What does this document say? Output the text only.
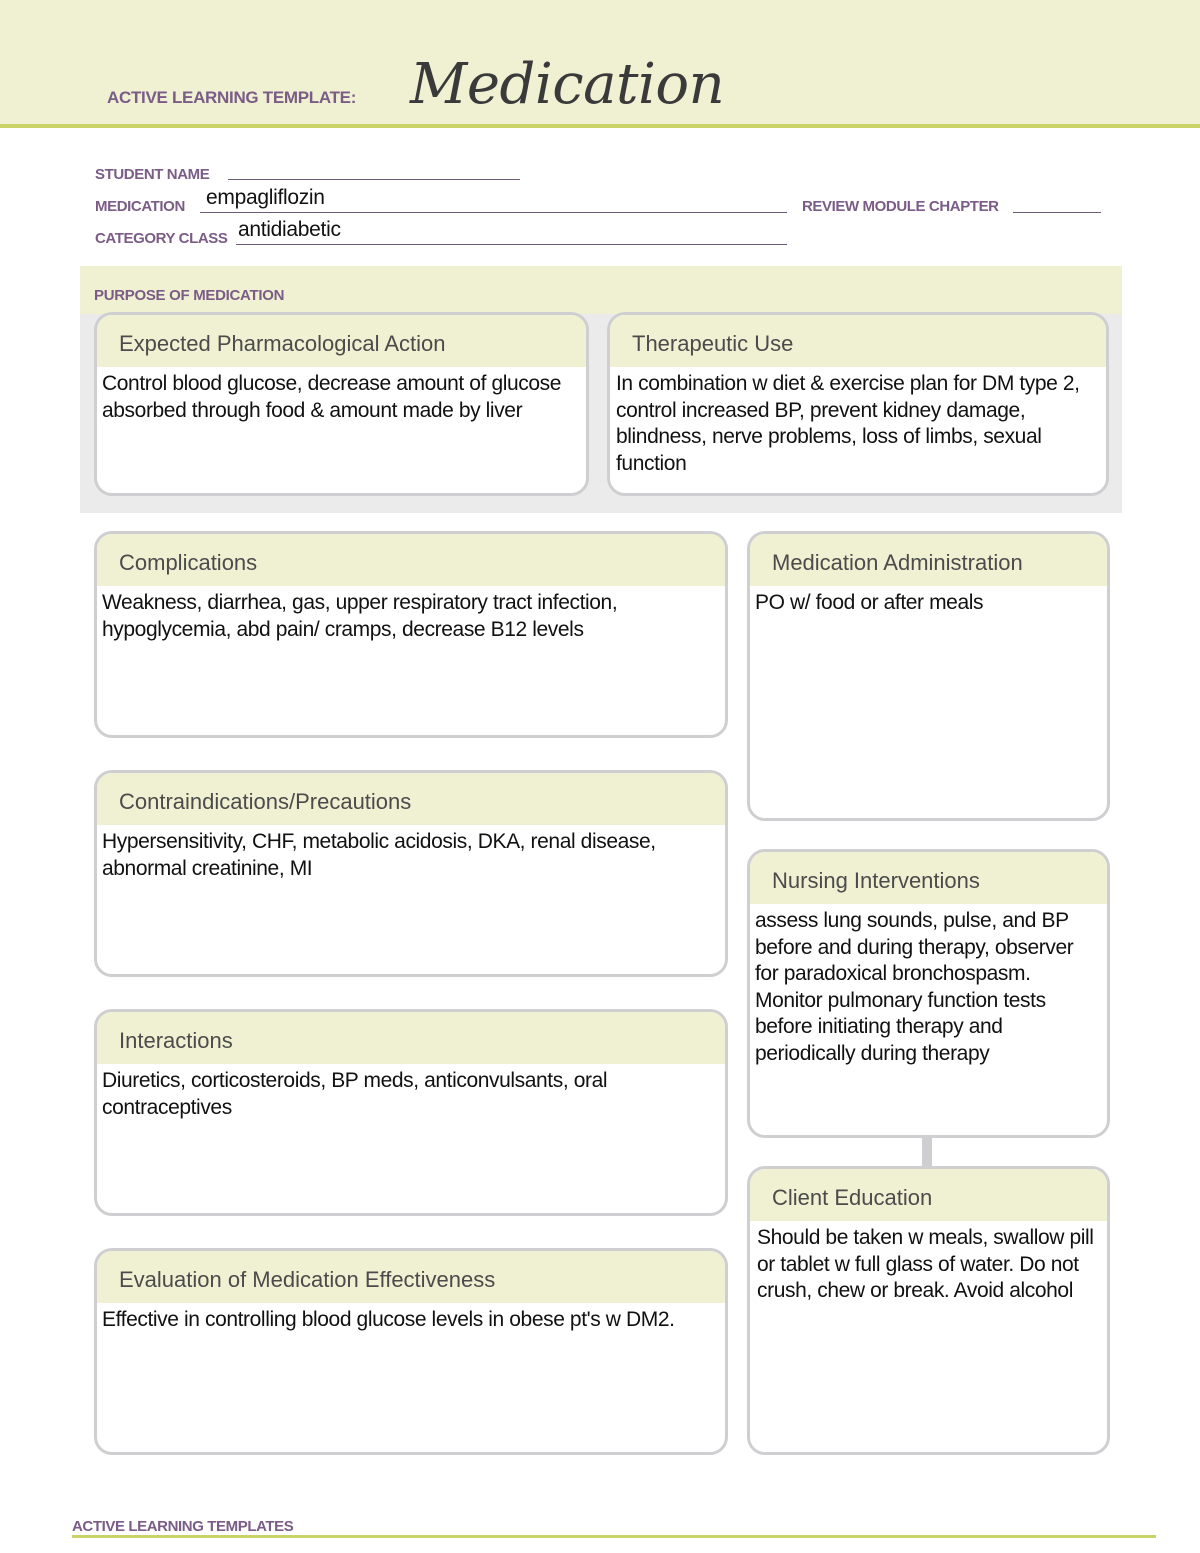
ACTIVE LEARNING TEMPLATE: Medication
STUDENT NAME
MEDICATION empagliflozin	REVIEW MODULE CHAPTER
CATEGORY CLASS antidiabetic
PURPOSE OF MEDICATION
Expected Pharmacological Action
Control blood glucose, decrease amount of glucose absorbed through food & amount made by liver
Therapeutic Use
In combination w diet & exercise plan for DM type 2, control increased BP, prevent kidney damage, blindness, nerve problems, loss of limbs, sexual function
Complications
Weakness, diarrhea, gas, upper respiratory tract infection, hypoglycemia, abd pain/ cramps, decrease B12 levels
Contraindications/Precautions
Hypersensitivity, CHF, metabolic acidosis, DKA, renal disease, abnormal creatinine, MI
Interactions
Diuretics, corticosteroids, BP meds, anticonvulsants, oral contraceptives
Evaluation of Medication Effectiveness
Effective in controlling blood glucose levels in obese pt's w DM2.
Medication Administration
PO w/ food or after meals
Nursing Interventions
assess lung sounds, pulse, and BP before and during therapy, observer for paradoxical bronchospasm. Monitor pulmonary function tests before initiating therapy and periodically during therapy
Client Education
Should be taken w meals, swallow pill or tablet w full glass of water. Do not crush, chew or break. Avoid alcohol
ACTIVE LEARNING TEMPLATES
